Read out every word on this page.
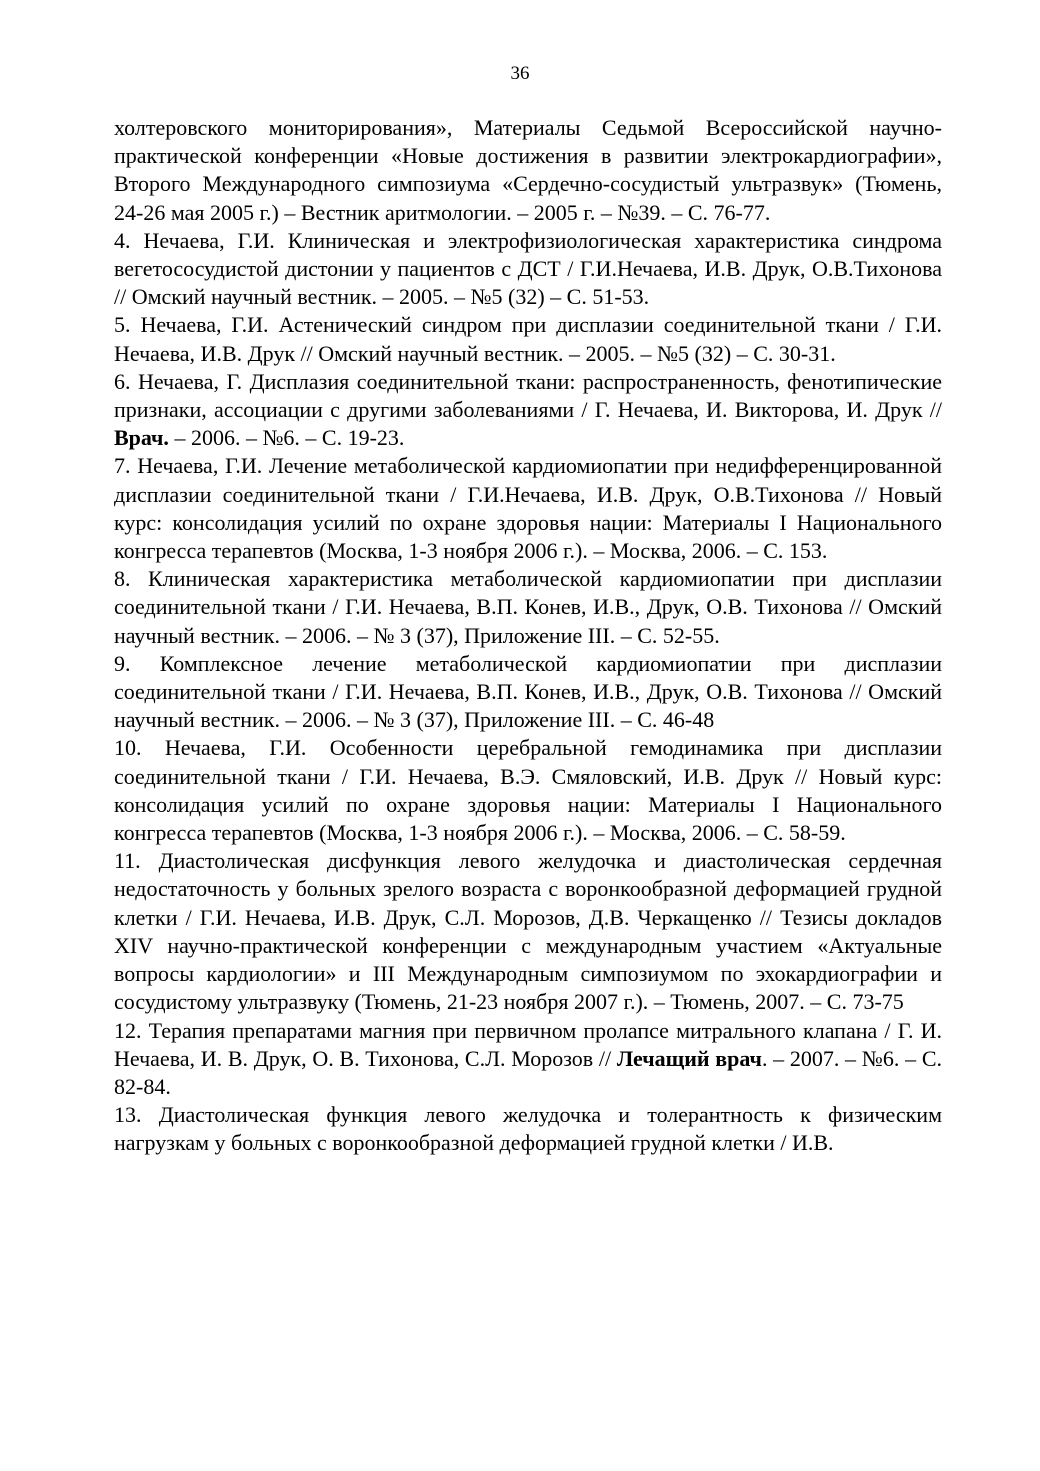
36

холтеровского мониторирования», Материалы Седьмой Всероссийской научно-практической конференции «Новые достижения в развитии электрокардиографии», Второго Международного симпозиума «Сердечно-сосудистый ультразвук» (Тюмень, 24-26 мая 2005 г.) – Вестник аритмологии. – 2005 г. – №39. – С. 76-77.

4. Нечаева, Г.И. Клиническая и электрофизиологическая характеристика синдрома вегетососудистой дистонии у пациентов с ДСТ / Г.И.Нечаева, И.В. Друк, О.В.Тихонова // Омский научный вестник. – 2005. – №5 (32) – С. 51-53.

5. Нечаева, Г.И. Астенический синдром при дисплазии соединительной ткани / Г.И. Нечаева, И.В. Друк // Омский научный вестник. – 2005. – №5 (32) – С. 30-31.

6. Нечаева, Г. Дисплазия соединительной ткани: распространенность, фенотипические признаки, ассоциации с другими заболеваниями / Г. Нечаева, И. Викторова, И. Друк // Врач. – 2006. – №6. – С. 19-23.

7. Нечаева, Г.И. Лечение метаболической кардиомиопатии при недифференцированной дисплазии соединительной ткани / Г.И.Нечаева, И.В. Друк, О.В.Тихонова // Новый курс: консолидация усилий по охране здоровья нации: Материалы I Национального конгресса терапевтов (Москва, 1-3 ноября 2006 г.). – Москва, 2006. – С. 153.

8. Клиническая характеристика метаболической кардиомиопатии при дисплазии соединительной ткани / Г.И. Нечаева, В.П. Конев, И.В., Друк, О.В. Тихонова // Омский научный вестник. – 2006. – № 3 (37), Приложение III. – С. 52-55.

9. Комплексное лечение метаболической кардиомиопатии при дисплазии соединительной ткани / Г.И. Нечаева, В.П. Конев, И.В., Друк, О.В. Тихонова // Омский научный вестник. – 2006. – № 3 (37), Приложение III. – С. 46-48

10. Нечаева, Г.И. Особенности церебральной гемодинамика при дисплазии соединительной ткани / Г.И. Нечаева, В.Э. Смяловский, И.В. Друк // Новый курс: консолидация усилий по охране здоровья нации: Материалы I Национального конгресса терапевтов (Москва, 1-3 ноября 2006 г.). – Москва, 2006. – С. 58-59.

11. Диастолическая дисфункция левого желудочка и диастолическая сердечная недостаточность у больных зрелого возраста с воронкообразной деформацией грудной клетки / Г.И. Нечаева, И.В. Друк, С.Л. Морозов, Д.В. Черкащенко // Тезисы докладов XIV научно-практической конференции с международным участием «Актуальные вопросы кардиологии» и III Международным симпозиумом по эхокардиографии и сосудистому ультразвуку (Тюмень, 21-23 ноября 2007 г.). – Тюмень, 2007. – С. 73-75

12. Терапия препаратами магния при первичном пролапсе митрального клапана / Г. И. Нечаева, И. В. Друк, О. В. Тихонова, С.Л. Морозов // Лечащий врач. – 2007. – №6. – С. 82-84.

13. Диастолическая функция левого желудочка и толерантность к физическим нагрузкам у больных с воронкообразной деформацией грудной клетки / И.В.
